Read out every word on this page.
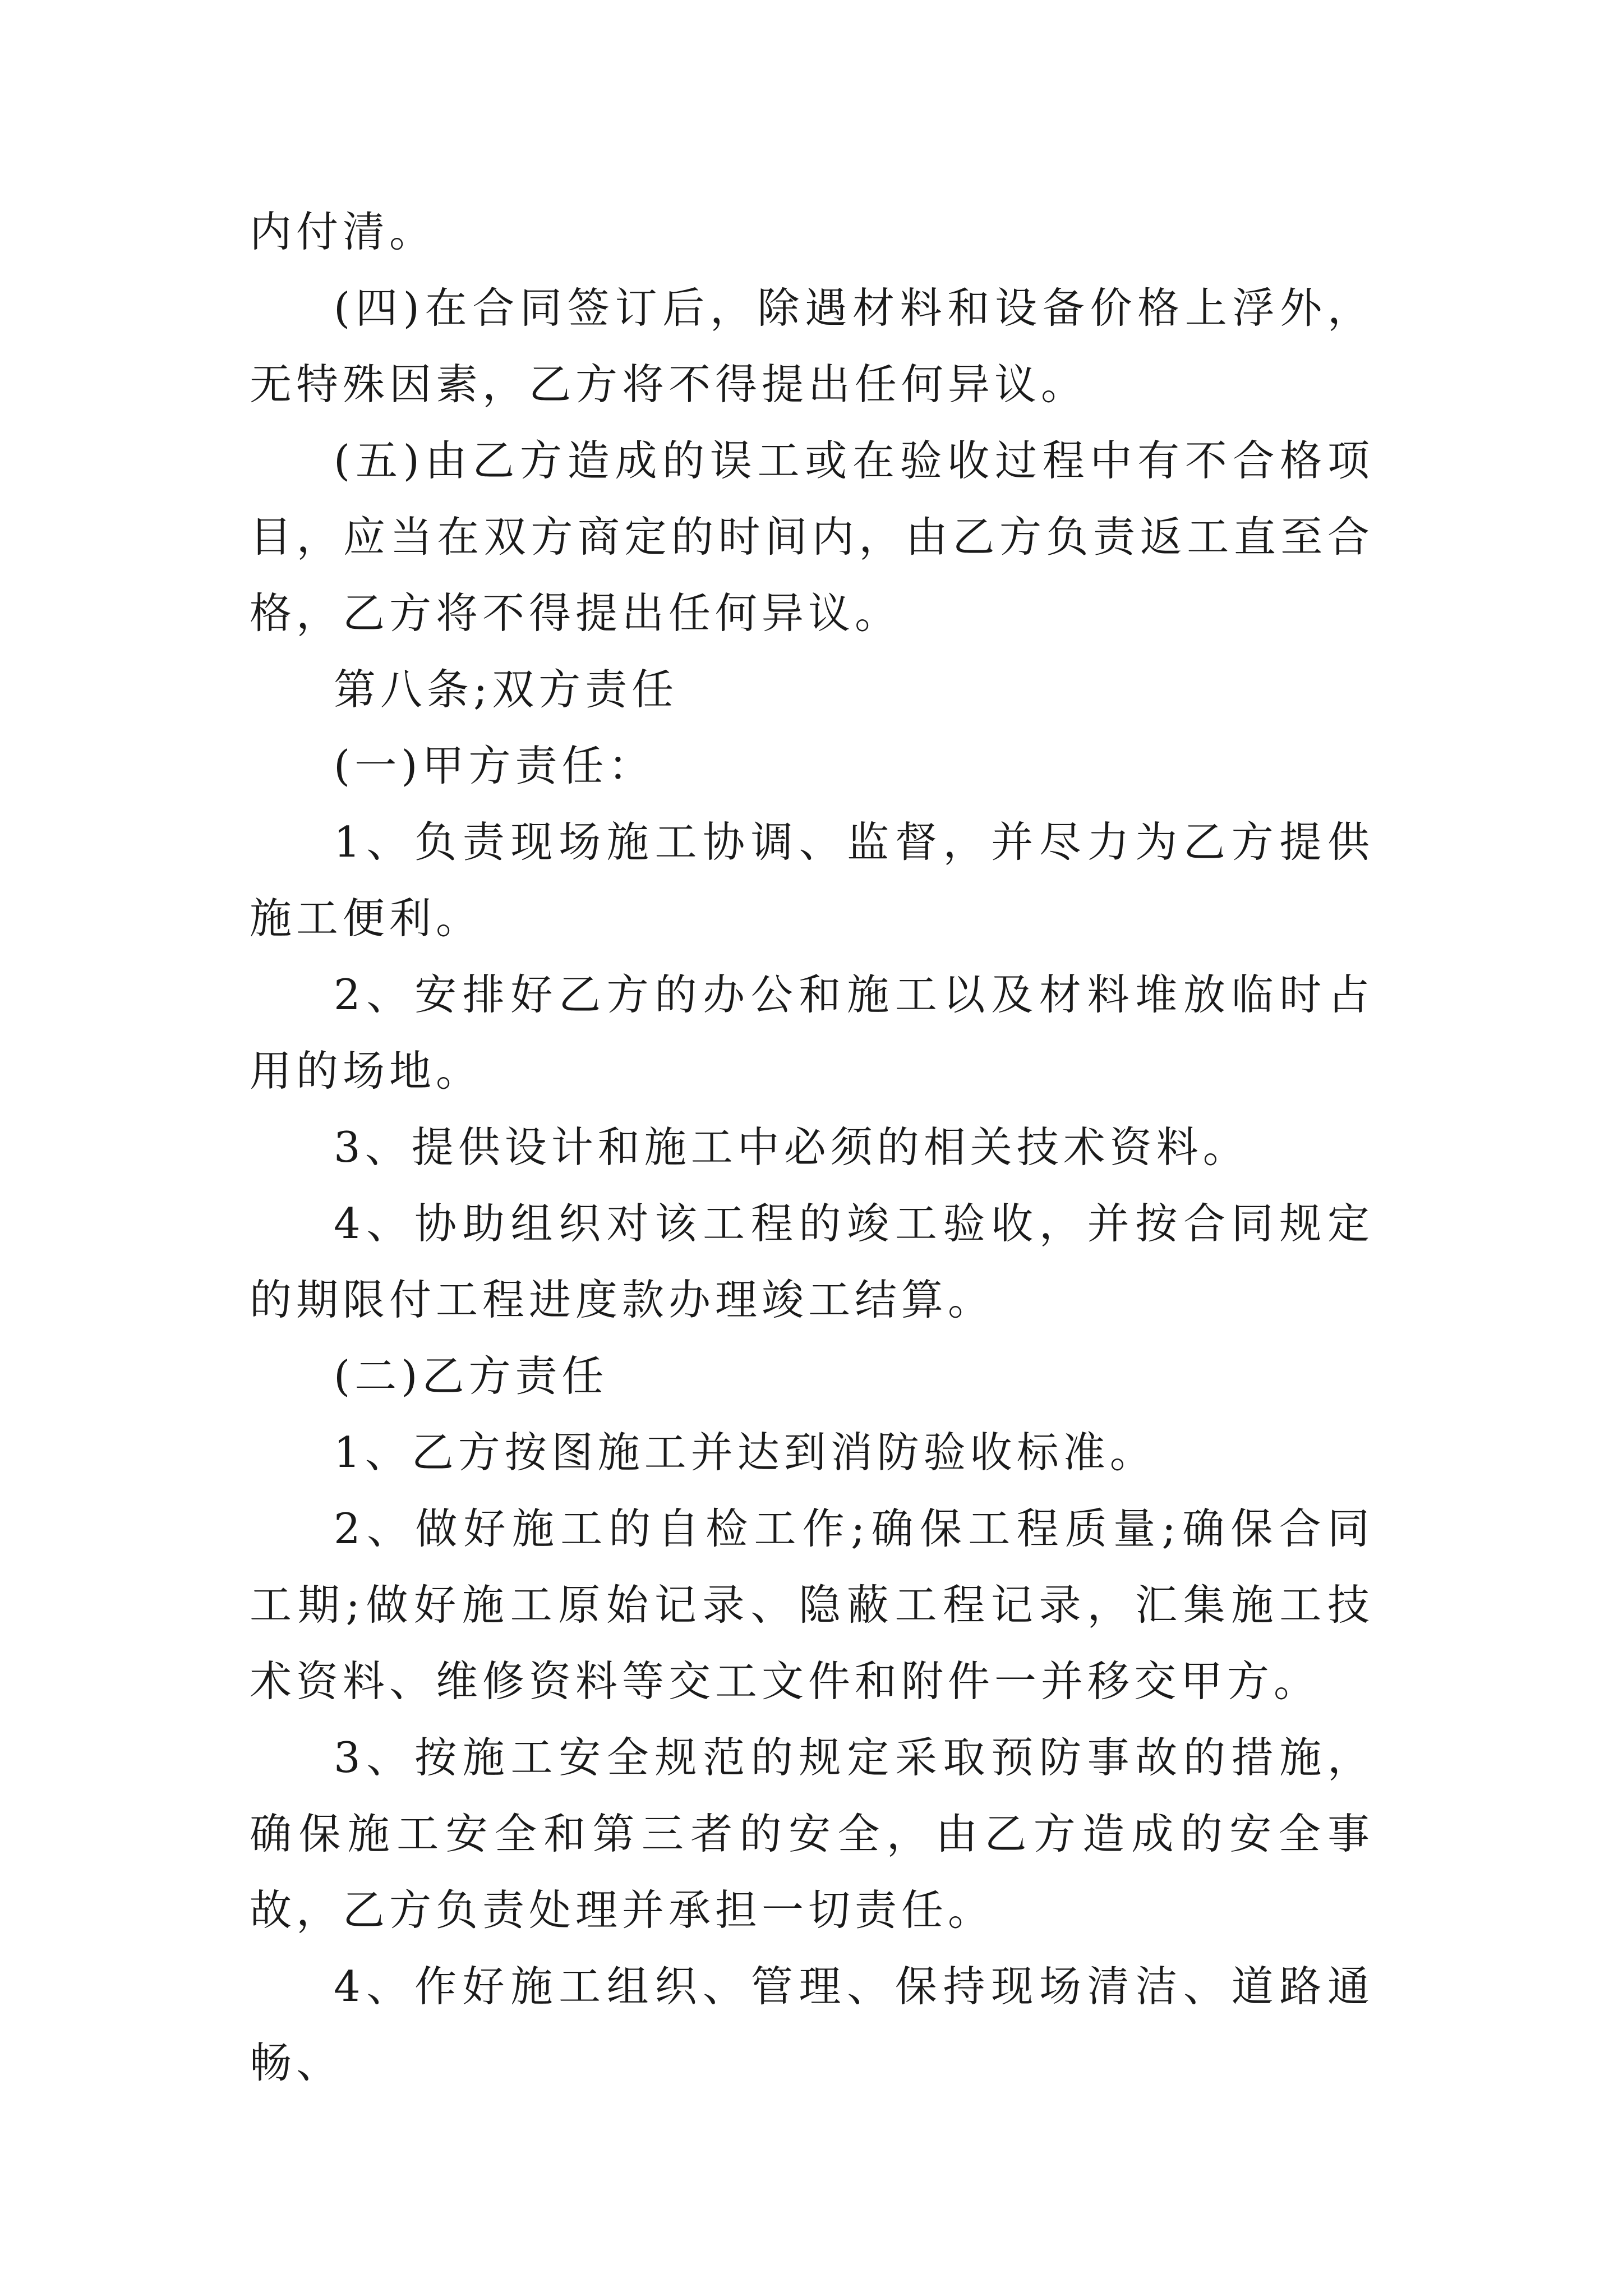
内付清。

(四)在合同签订后，除遇材料和设备价格上浮外，无特殊因素，乙方将不得提出任何异议。

(五)由乙方造成的误工或在验收过程中有不合格项目，应当在双方商定的时间内，由乙方负责返工直至合格，乙方将不得提出任何异议。

第八条;双方责任

(一)甲方责任：

1、负责现场施工协调、监督，并尽力为乙方提供施工便利。

2、安排好乙方的办公和施工以及材料堆放临时占用的场地。

3、提供设计和施工中必须的相关技术资料。

4、协助组织对该工程的竣工验收，并按合同规定的期限付工程进度款办理竣工结算。

(二)乙方责任

1、乙方按图施工并达到消防验收标准。

2、做好施工的自检工作;确保工程质量;确保合同工期;做好施工原始记录、隐蔽工程记录，汇集施工技术资料、维修资料等交工文件和附件一并移交甲方。

3、按施工安全规范的规定采取预防事故的措施，确保施工安全和第三者的安全，由乙方造成的安全事故，乙方负责处理并承担一切责任。

4、作好施工组织、管理、保持现场清洁、道路通畅、
